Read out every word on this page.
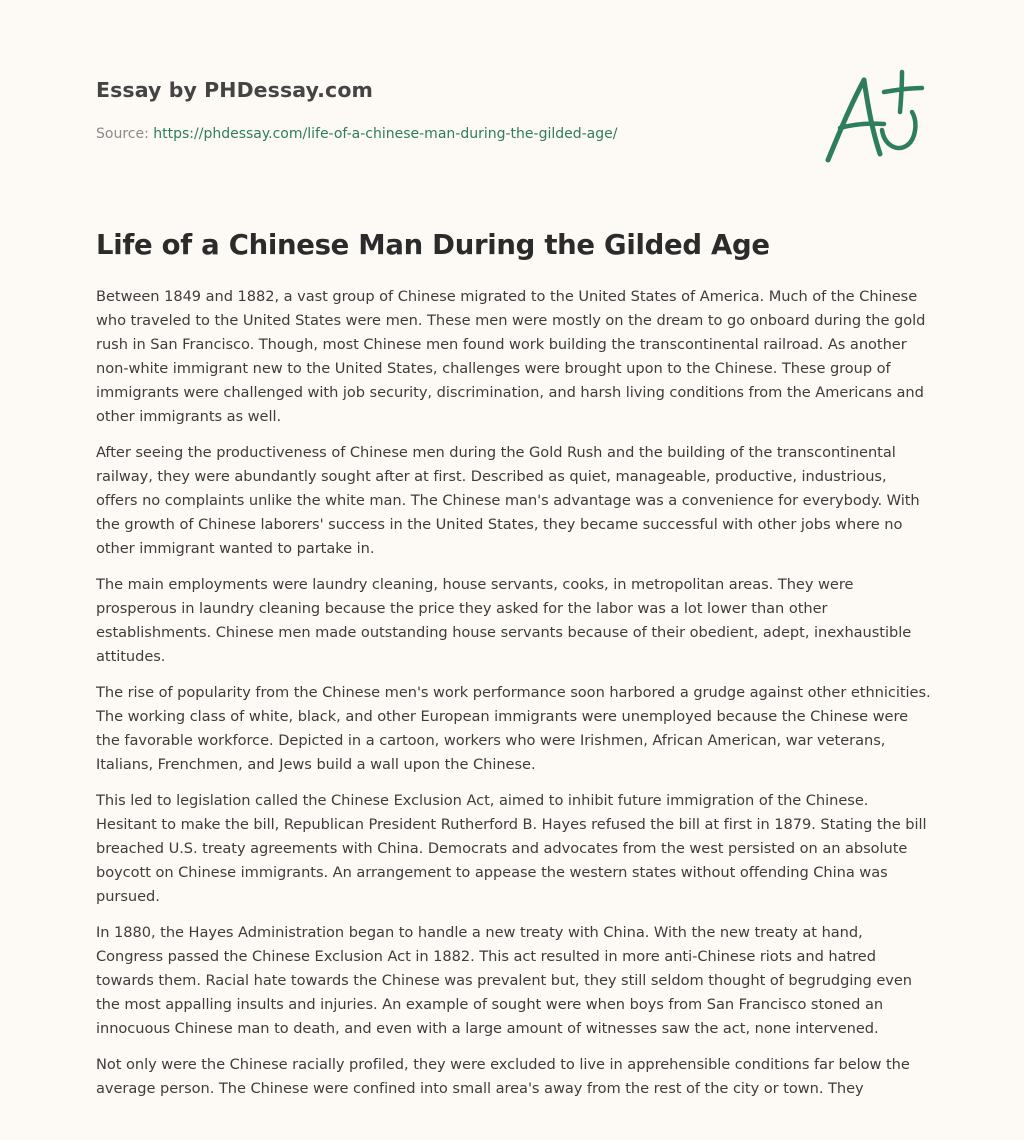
Essay by PHDessay.com
Source: https://phdessay.com/life-of-a-chinese-man-during-the-gilded-age/
Life of a Chinese Man During the Gilded Age

Between 1849 and 1882, a vast group of Chinese migrated to the United States of America. Much of the Chinese who traveled to the United States were men. These men were mostly on the dream to go onboard during the gold rush in San Francisco. Though, most Chinese men found work building the transcontinental railroad. As another non-white immigrant new to the United States, challenges were brought upon to the Chinese. These group of immigrants were challenged with job security, discrimination, and harsh living conditions from the Americans and other immigrants as well.

After seeing the productiveness of Chinese men during the Gold Rush and the building of the transcontinental railway, they were abundantly sought after at first. Described as quiet, manageable, productive, industrious, offers no complaints unlike the white man. The Chinese man's advantage was a convenience for everybody. With the growth of Chinese laborers' success in the United States, they became successful with other jobs where no other immigrant wanted to partake in.

The main employments were laundry cleaning, house servants, cooks, in metropolitan areas. They were prosperous in laundry cleaning because the price they asked for the labor was a lot lower than other establishments. Chinese men made outstanding house servants because of their obedient, adept, inexhaustible attitudes.

The rise of popularity from the Chinese men's work performance soon harbored a grudge against other ethnicities. The working class of white, black, and other European immigrants were unemployed because the Chinese were the favorable workforce. Depicted in a cartoon, workers who were Irishmen, African American, war veterans, Italians, Frenchmen, and Jews build a wall upon the Chinese.

This led to legislation called the Chinese Exclusion Act, aimed to inhibit future immigration of the Chinese. Hesitant to make the bill, Republican President Rutherford B. Hayes refused the bill at first in 1879. Stating the bill breached U.S. treaty agreements with China. Democrats and advocates from the west persisted on an absolute boycott on Chinese immigrants. An arrangement to appease the western states without offending China was pursued.

In 1880, the Hayes Administration began to handle a new treaty with China. With the new treaty at hand, Congress passed the Chinese Exclusion Act in 1882. This act resulted in more anti-Chinese riots and hatred towards them. Racial hate towards the Chinese was prevalent but, they still seldom thought of begrudging even the most appalling insults and injuries. An example of sought were when boys from San Francisco stoned an innocuous Chinese man to death, and even with a large amount of witnesses saw the act, none intervened.

Not only were the Chinese racially profiled, they were excluded to live in apprehensible conditions far below the average person. The Chinese were confined into small area's away from the rest of the city or town. They
